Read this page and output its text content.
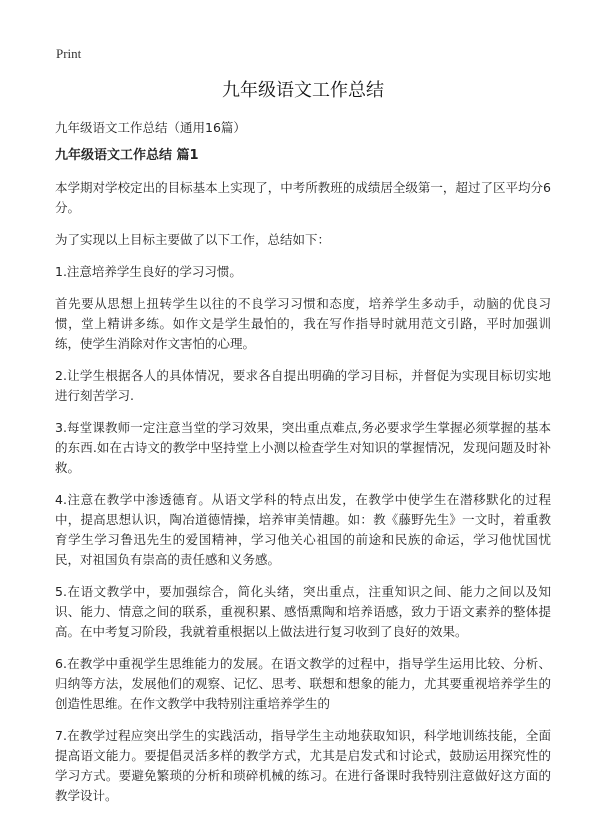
Print
九年级语文工作总结

九年级语文工作总结（通用16篇）

九年级语文工作总结 篇1

本学期对学校定出的目标基本上实现了，中考所教班的成绩居全级第一，超过了区平均分6分。

为了实现以上目标主要做了以下工作，总结如下：

1.注意培养学生良好的学习习惯。

首先要从思想上扭转学生以往的不良学习习惯和态度，培养学生多动手，动脑的优良习惯，堂上精讲多练。如作文是学生最怕的，我在写作指导时就用范文引路，平时加强训练，使学生消除对作文害怕的心理。

2.让学生根据各人的具体情况，要求各自提出明确的学习目标，并督促为实现目标切实地进行刻苦学习.

3.每堂课教师一定注意当堂的学习效果，突出重点难点,务必要求学生掌握必须掌握的基本的东西.如在古诗文的教学中坚持堂上小测以检查学生对知识的掌握情况，发现问题及时补救。

4.注意在教学中渗透德育。从语文学科的特点出发，在教学中使学生在潜移默化的过程中，提高思想认识，陶冶道德情操，培养审美情趣。如：教《藤野先生》一文时，着重教育学生学习鲁迅先生的爱国精神，学习他关心祖国的前途和民族的命运，学习他忧国忧民，对祖国负有崇高的责任感和义务感。

5.在语文教学中，要加强综合，简化头绪，突出重点，注重知识之间、能力之间以及知识、能力、情意之间的联系，重视积累、感悟熏陶和培养语感，致力于语文素养的整体提高。在中考复习阶段，我就着重根据以上做法进行复习收到了良好的效果。

6.在教学中重视学生思维能力的发展。在语文教学的过程中，指导学生运用比较、分析、归纳等方法，发展他们的观察、记忆、思考、联想和想象的能力，尤其要重视培养学生的创造性思维。在作文教学中我特别注重培养学生的

7.在教学过程应突出学生的实践活动，指导学生主动地获取知识，科学地训练技能，全面提高语文能力。要提倡灵活多样的教学方式，尤其是启发式和讨论式，鼓励运用探究性的学习方式。要避免繁琐的分析和琐碎机械的练习。在进行备课时我特别注意做好这方面的教学设计。
